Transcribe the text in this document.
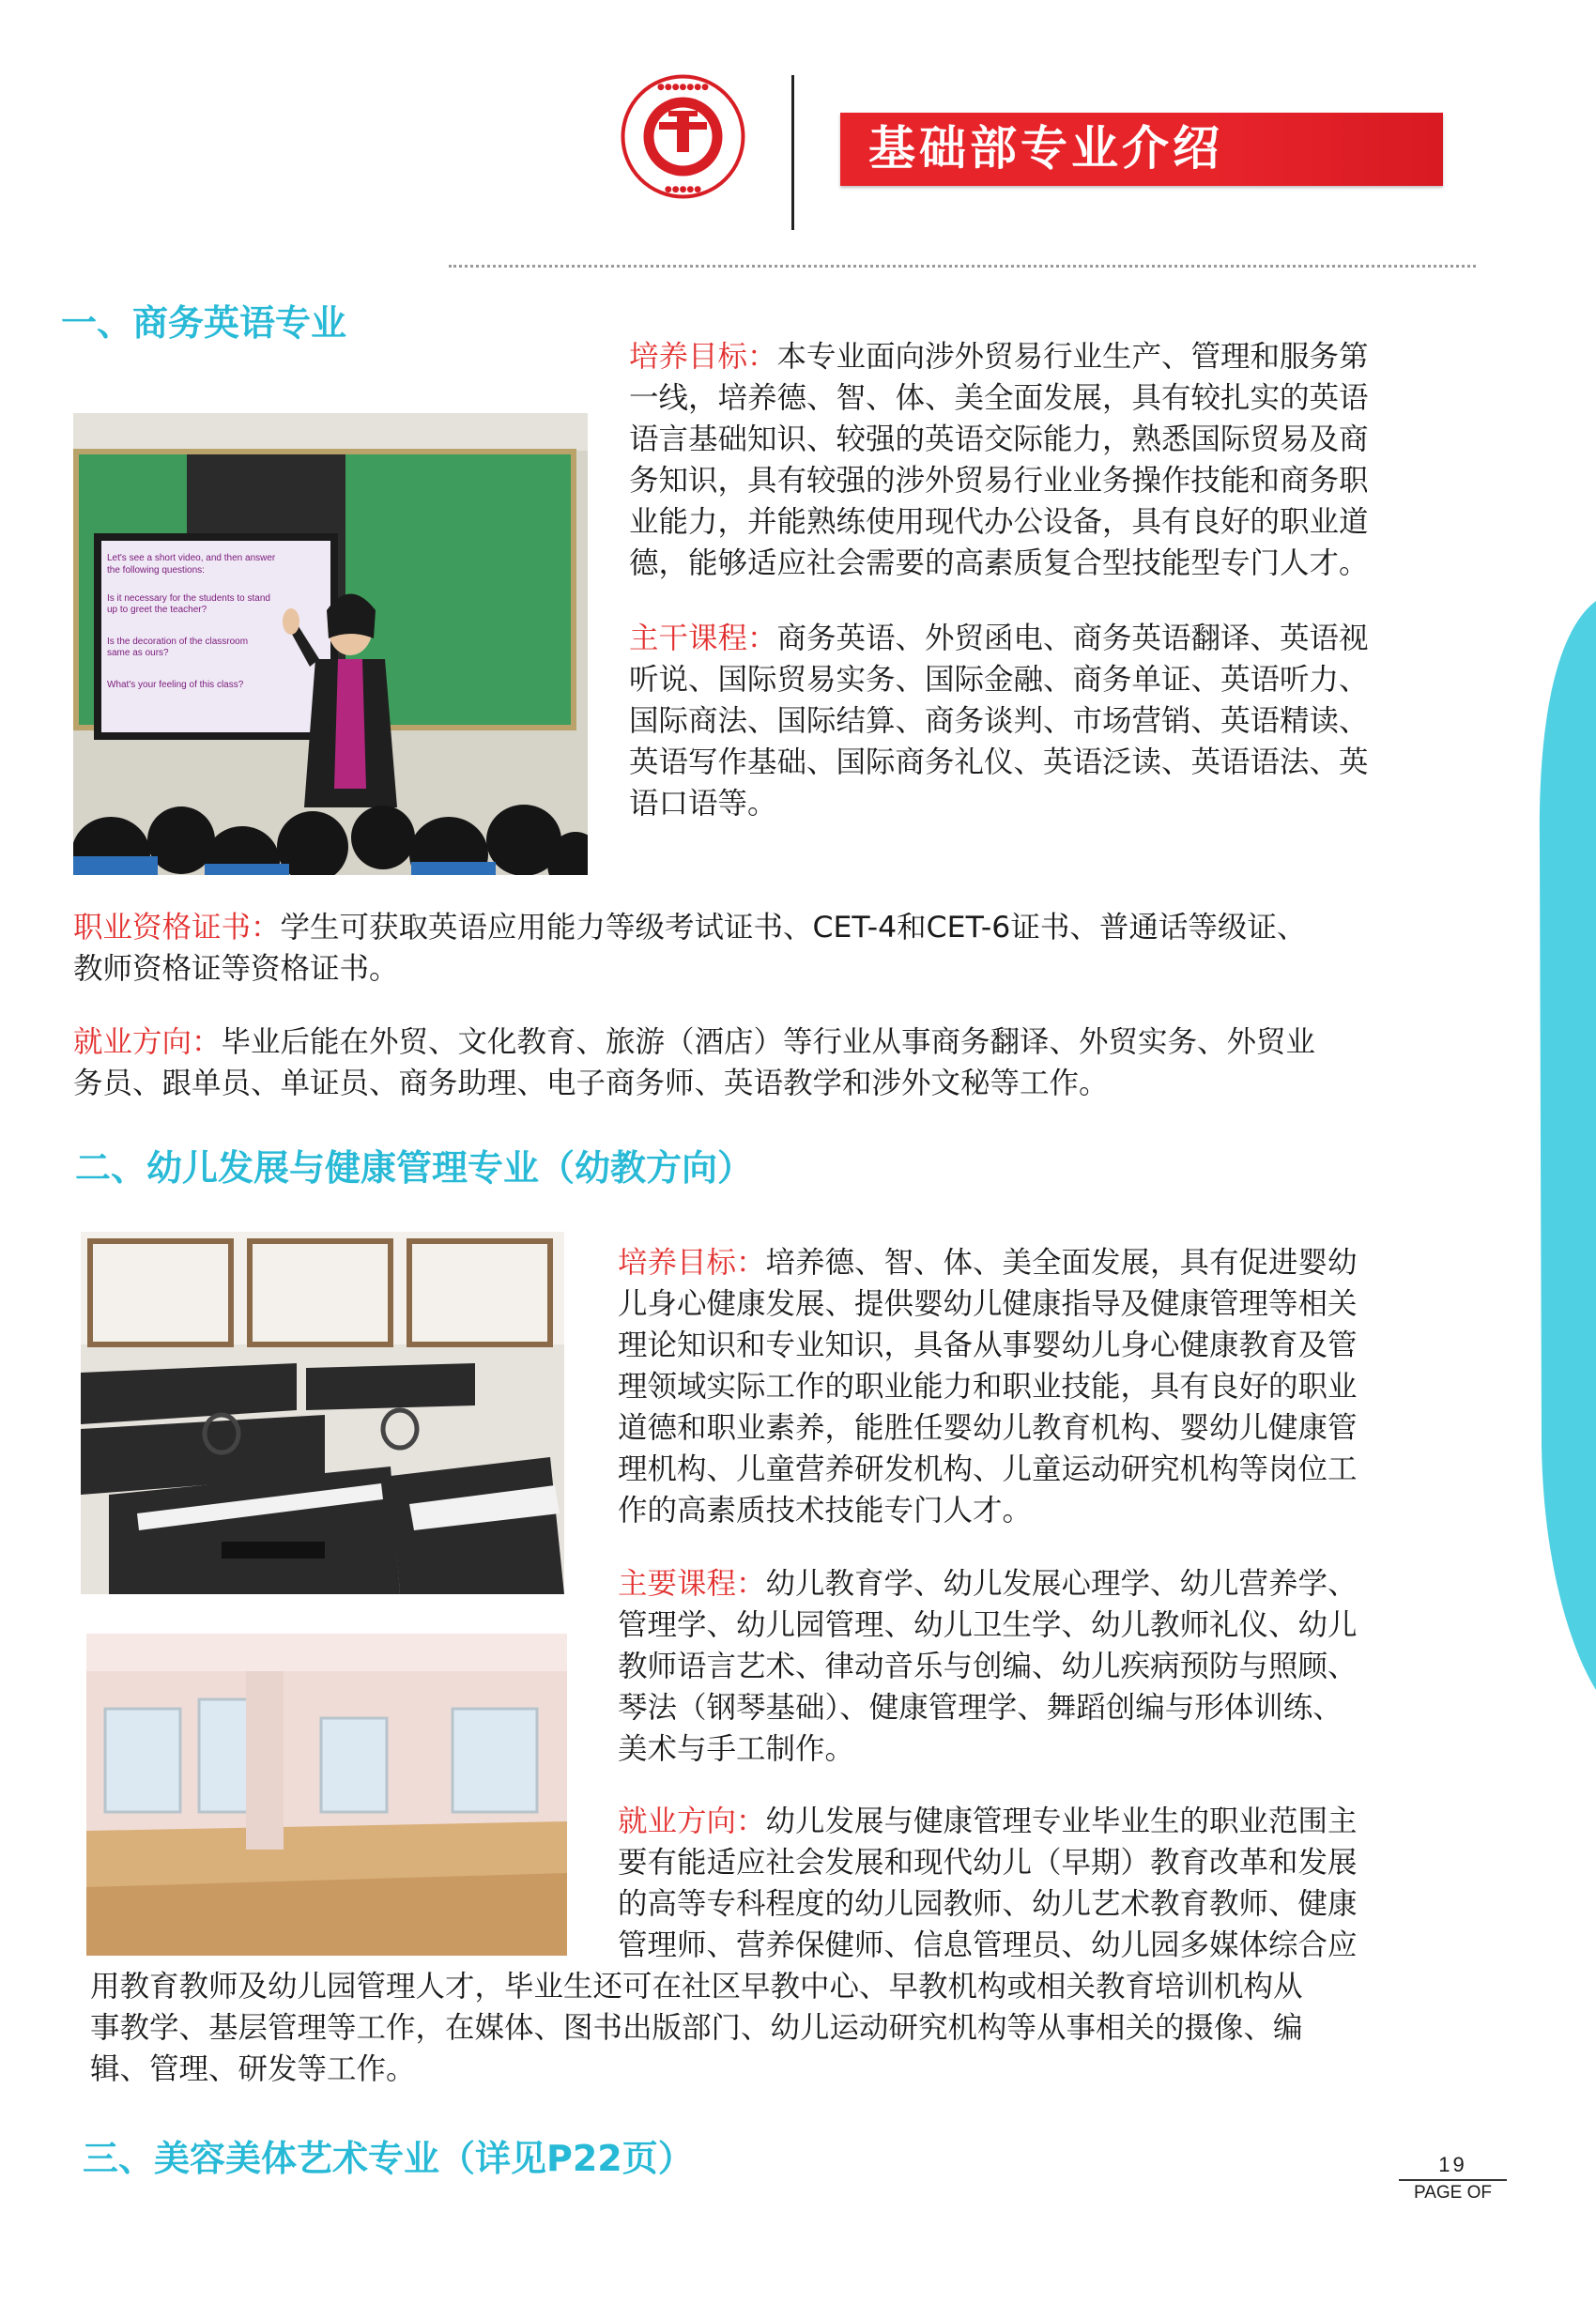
1922
●●●●●●●
●●●●●
基础部专业介绍
一、商务英语专业
Let's see a short video, and then answer
the following questions:
Is it necessary for the students to stand
up to greet the teacher?
Is the decoration of the classroom
same as ours?
What's your feeling of this class?
培养目标：本专业面向涉外贸易行业生产、管理和服务第
一线，培养德、智、体、美全面发展，具有较扎实的英语
语言基础知识、较强的英语交际能力，熟悉国际贸易及商
务知识，具有较强的涉外贸易行业业务操作技能和商务职
业能力，并能熟练使用现代办公设备，具有良好的职业道
德，能够适应社会需要的高素质复合型技能型专门人才。
主干课程：商务英语、外贸函电、商务英语翻译、英语视
听说、国际贸易实务、国际金融、商务单证、英语听力、
国际商法、国际结算、商务谈判、市场营销、英语精读、
英语写作基础、国际商务礼仪、英语泛读、英语语法、英
语口语等。
职业资格证书：学生可获取英语应用能力等级考试证书、CET-4和CET-6证书、普通话等级证、
教师资格证等资格证书。
就业方向：毕业后能在外贸、文化教育、旅游（酒店）等行业从事商务翻译、外贸实务、外贸业
务员、跟单员、单证员、商务助理、电子商务师、英语教学和涉外文秘等工作。
二、幼儿发展与健康管理专业（幼教方向）
培养目标：培养德、智、体、美全面发展，具有促进婴幼
儿身心健康发展、提供婴幼儿健康指导及健康管理等相关
理论知识和专业知识，具备从事婴幼儿身心健康教育及管
理领域实际工作的职业能力和职业技能，具有良好的职业
道德和职业素养，能胜任婴幼儿教育机构、婴幼儿健康管
理机构、儿童营养研发机构、儿童运动研究机构等岗位工
作的高素质技术技能专门人才。
主要课程：幼儿教育学、幼儿发展心理学、幼儿营养学、
管理学、幼儿园管理、幼儿卫生学、幼儿教师礼仪、幼儿
教师语言艺术、律动音乐与创编、幼儿疾病预防与照顾、
琴法（钢琴基础）、健康管理学、舞蹈创编与形体训练、
美术与手工制作。
就业方向：幼儿发展与健康管理专业毕业生的职业范围主
要有能适应社会发展和现代幼儿（早期）教育改革和发展
的高等专科程度的幼儿园教师、幼儿艺术教育教师、健康
管理师、营养保健师、信息管理员、幼儿园多媒体综合应
用教育教师及幼儿园管理人才，毕业生还可在社区早教中心、早教机构或相关教育培训机构从
事教学、基层管理等工作，在媒体、图书出版部门、幼儿运动研究机构等从事相关的摄像、编
辑、管理、研发等工作。
三、美容美体艺术专业（详见P22页）	19
PAGE OF
